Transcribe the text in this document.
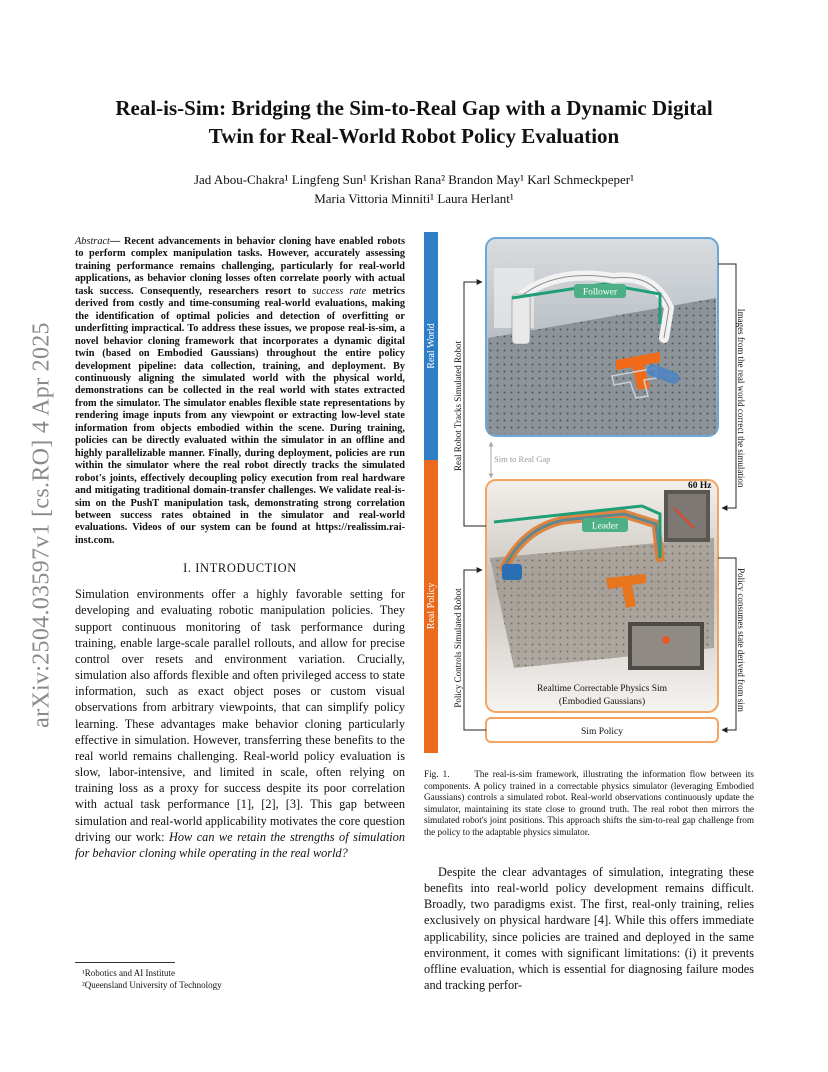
arXiv:2504.03597v1 [cs.RO] 4 Apr 2025
Real-is-Sim: Bridging the Sim-to-Real Gap with a Dynamic Digital
Twin for Real-World Robot Policy Evaluation
Jad Abou-Chakra¹ Lingfeng Sun¹ Krishan Rana² Brandon May¹ Karl Schmeckpeper¹
Maria Vittoria Minniti¹ Laura Herlant¹

Abstract— Recent advancements in behavior cloning have enabled robots to perform complex manipulation tasks. However, accurately assessing training performance remains challenging, particularly for real-world applications, as behavior cloning losses often correlate poorly with actual task success. Consequently, researchers resort to success rate metrics derived from costly and time-consuming real-world evaluations, making the identification of optimal policies and detection of overfitting or underfitting impractical. To address these issues, we propose real-is-sim, a novel behavior cloning framework that incorporates a dynamic digital twin (based on Embodied Gaussians) throughout the entire policy development pipeline: data collection, training, and deployment. By continuously aligning the simulated world with the physical world, demonstrations can be collected in the real world with states extracted from the simulator. The simulator enables flexible state representations by rendering image inputs from any viewpoint or extracting low-level state information from objects embodied within the scene. During training, policies can be directly evaluated within the simulator in an offline and highly parallelizable manner. Finally, during deployment, policies are run within the simulator where the real robot directly tracks the simulated robot's joints, effectively decoupling policy execution from real hardware and mitigating traditional domain-transfer challenges. We validate real-is-sim on the PushT manipulation task, demonstrating strong correlation between success rates obtained in the simulator and real-world evaluations. Videos of our system can be found at https://realissim.rai-inst.com.

I. INTRODUCTION

Simulation environments offer a highly favorable setting for developing and evaluating robotic manipulation policies. They support continuous monitoring of task performance during training, enable large-scale parallel rollouts, and allow for precise control over resets and environment variation. Crucially, simulation also affords flexible and often privileged access to state information, such as exact object poses or custom visual observations from arbitrary viewpoints, that can simplify policy learning. These advantages make behavior cloning particularly effective in simulation. However, transferring these benefits to the real world remains challenging. Real-world policy evaluation is slow, labor-intensive, and limited in scale, often relying on training loss as a proxy for success despite its poor correlation with actual task performance [1], [2], [3]. This gap between simulation and real-world applicability motivates the core question driving our work: How can we retain the strengths of simulation for behavior cloning while operating in the real world?

¹Robotics and AI Institute
²Queensland University of Technology
Real World
Real Policy
Follower
Sim to Real Gap
Leader
60 Hz
Realtime Correctable Physics Sim
(Embodied Gaussians)
Sim Policy
Real Robot Tracks Simulated Robot
Policy Controls Simulated Robot
Images from the real world correct the simulation
Policy consumes state derived from sim

Fig. 1.	The real-is-sim framework, illustrating the information flow between its components. A policy trained in a correctable physics simulator (leveraging Embodied Gaussians) controls a simulated robot. Real-world observations continuously update the simulator, maintaining its state close to ground truth. The real robot then mirrors the simulated robot's joint positions. This approach shifts the sim-to-real gap challenge from the policy to the adaptable physics simulator.

Despite the clear advantages of simulation, integrating these benefits into real-world policy development remains difficult. Broadly, two paradigms exist. The first, real-only training, relies exclusively on physical hardware [4]. While this offers immediate applicability, since policies are trained and deployed in the same environment, it comes with significant limitations: (i) it prevents offline evaluation, which is essential for diagnosing failure modes and tracking perfor-
